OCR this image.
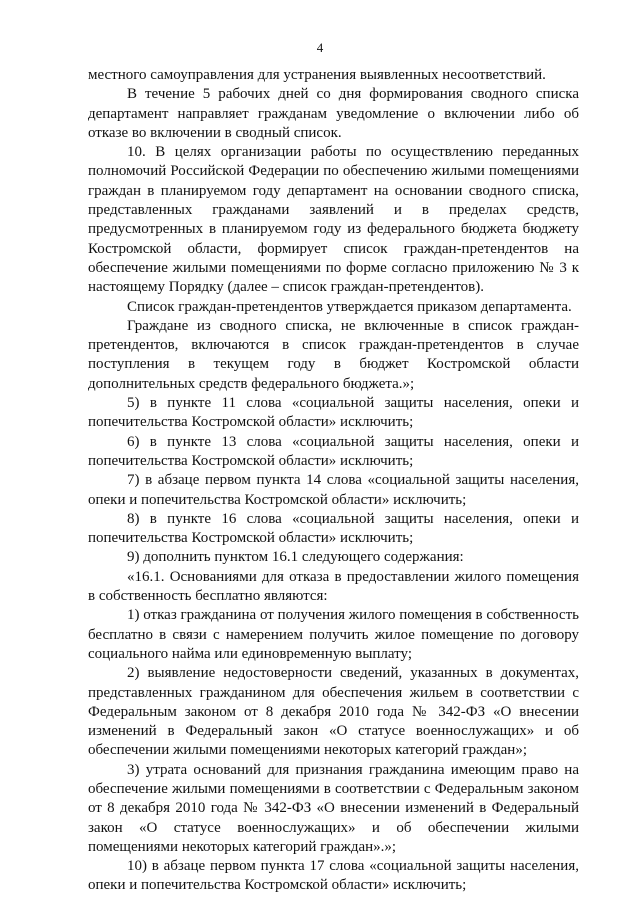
4

местного самоуправления для устранения выявленных несоответствий.

В течение 5 рабочих дней со дня формирования сводного списка департамент направляет гражданам уведомление о включении либо об отказе во включении в сводный список.

10. В целях организации работы по осуществлению переданных полномочий Российской Федерации по обеспечению жилыми помещениями граждан в планируемом году департамент на основании сводного списка, представленных гражданами заявлений и в пределах средств, предусмотренных в планируемом году из федерального бюджета бюджету Костромской области, формирует список граждан-претендентов на обеспечение жилыми помещениями по форме согласно приложению № 3 к настоящему Порядку (далее – список граждан-претендентов).

Список граждан-претендентов утверждается приказом департамента.

Граждане из сводного списка, не включенные в список граждан-претендентов, включаются в список граждан-претендентов в случае поступления в текущем году в бюджет Костромской области дополнительных средств федерального бюджета.»;

5) в пункте 11 слова «социальной защиты населения, опеки и попечительства Костромской области» исключить;

6) в пункте 13 слова «социальной защиты населения, опеки и попечительства Костромской области» исключить;

7) в абзаце первом пункта 14 слова «социальной защиты населения, опеки и попечительства Костромской области» исключить;

8) в пункте 16 слова «социальной защиты населения, опеки и попечительства Костромской области» исключить;

9) дополнить пунктом 16.1 следующего содержания:

«16.1. Основаниями для отказа в предоставлении жилого помещения в собственность бесплатно являются:

1) отказ гражданина от получения жилого помещения в собственность бесплатно в связи с намерением получить жилое помещение по договору социального найма или единовременную выплату;

2) выявление недостоверности сведений, указанных в документах, представленных гражданином для обеспечения жильем в соответствии с Федеральным законом от 8 декабря 2010 года № 342-ФЗ «О внесении изменений в Федеральный закон «О статусе военнослужащих» и об обеспечении жилыми помещениями некоторых категорий граждан»;

3) утрата оснований для признания гражданина имеющим право на обеспечение жилыми помещениями в соответствии с Федеральным законом от 8 декабря 2010 года № 342-ФЗ «О внесении изменений в Федеральный закон «О статусе военнослужащих» и об обеспечении жилыми помещениями некоторых категорий граждан».»;

10) в абзаце первом пункта 17 слова «социальной защиты населения, опеки и попечительства Костромской области» исключить;
